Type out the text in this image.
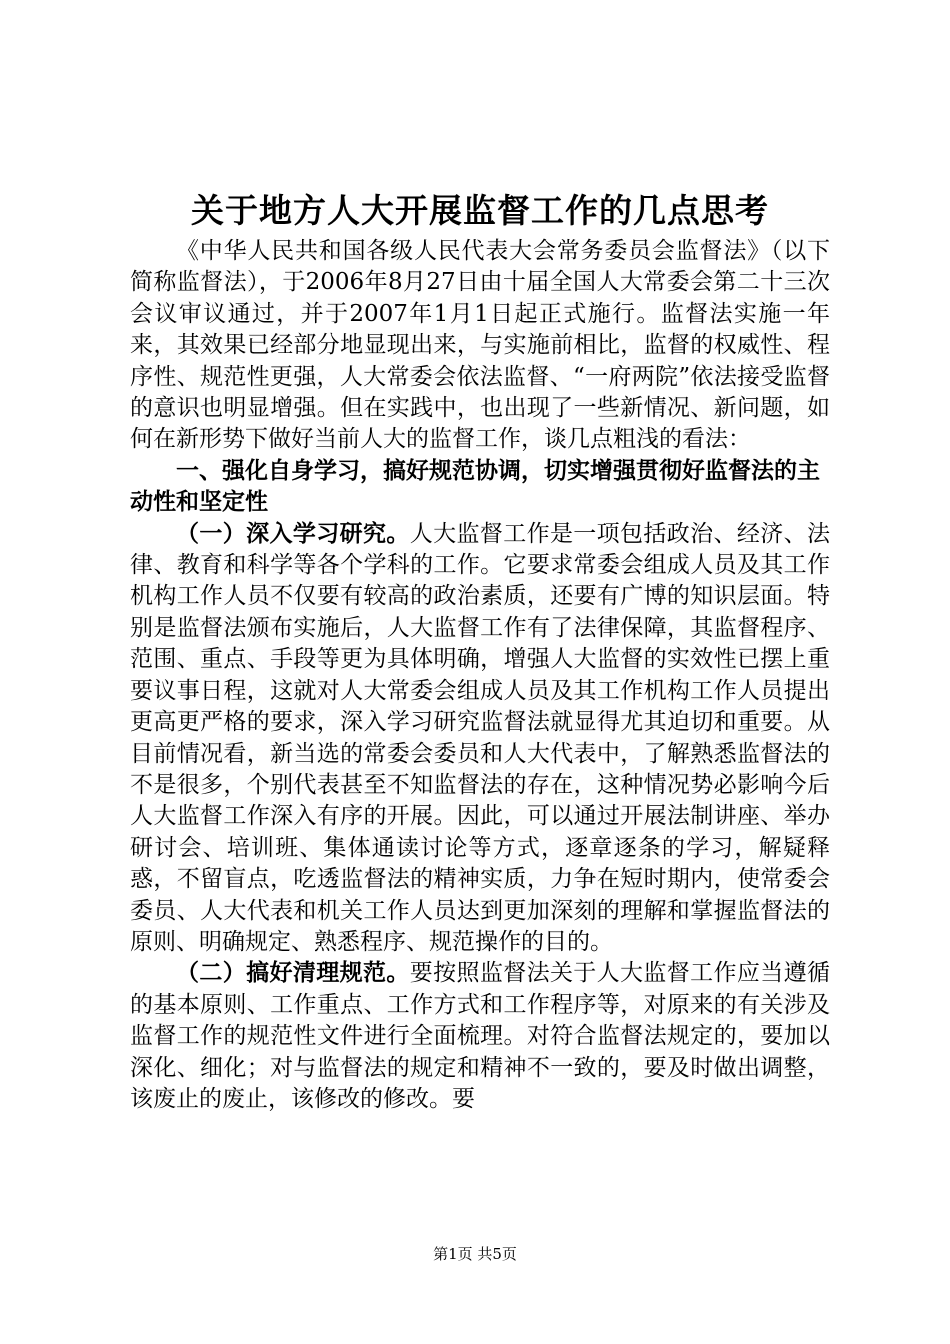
关于地方人大开展监督工作的几点思考

《中华人民共和国各级人民代表大会常务委员会监督法》（以下简称监督法），于2006年8月27日由十届全国人大常委会第二十三次会议审议通过，并于2007年1月1日起正式施行。监督法实施一年来，其效果已经部分地显现出来，与实施前相比，监督的权威性、程序性、规范性更强，人大常委会依法监督、“一府两院”依法接受监督的意识也明显增强。但在实践中，也出现了一些新情况、新问题，如何在新形势下做好当前人大的监督工作，谈几点粗浅的看法：

一、强化自身学习，搞好规范协调，切实增强贯彻好监督法的主动性和坚定性

（一）深入学习研究。人大监督工作是一项包括政治、经济、法律、教育和科学等各个学科的工作。它要求常委会组成人员及其工作机构工作人员不仅要有较高的政治素质，还要有广博的知识层面。特别是监督法颁布实施后，人大监督工作有了法律保障，其监督程序、范围、重点、手段等更为具体明确，增强人大监督的实效性已摆上重要议事日程，这就对人大常委会组成人员及其工作机构工作人员提出更高更严格的要求，深入学习研究监督法就显得尤其迫切和重要。从目前情况看，新当选的常委会委员和人大代表中，了解熟悉监督法的不是很多，个别代表甚至不知监督法的存在，这种情况势必影响今后人大监督工作深入有序的开展。因此，可以通过开展法制讲座、举办研讨会、培训班、集体通读讨论等方式，逐章逐条的学习，解疑释惑，不留盲点，吃透监督法的精神实质，力争在短时期内，使常委会委员、人大代表和机关工作人员达到更加深刻的理解和掌握监督法的原则、明确规定、熟悉程序、规范操作的目的。

（二）搞好清理规范。要按照监督法关于人大监督工作应当遵循的基本原则、工作重点、工作方式和工作程序等，对原来的有关涉及监督工作的规范性文件进行全面梳理。对符合监督法规定的，要加以深化、细化；对与监督法的规定和精神不一致的，要及时做出调整，该废止的废止，该修改的修改。要

第1页 共5页
